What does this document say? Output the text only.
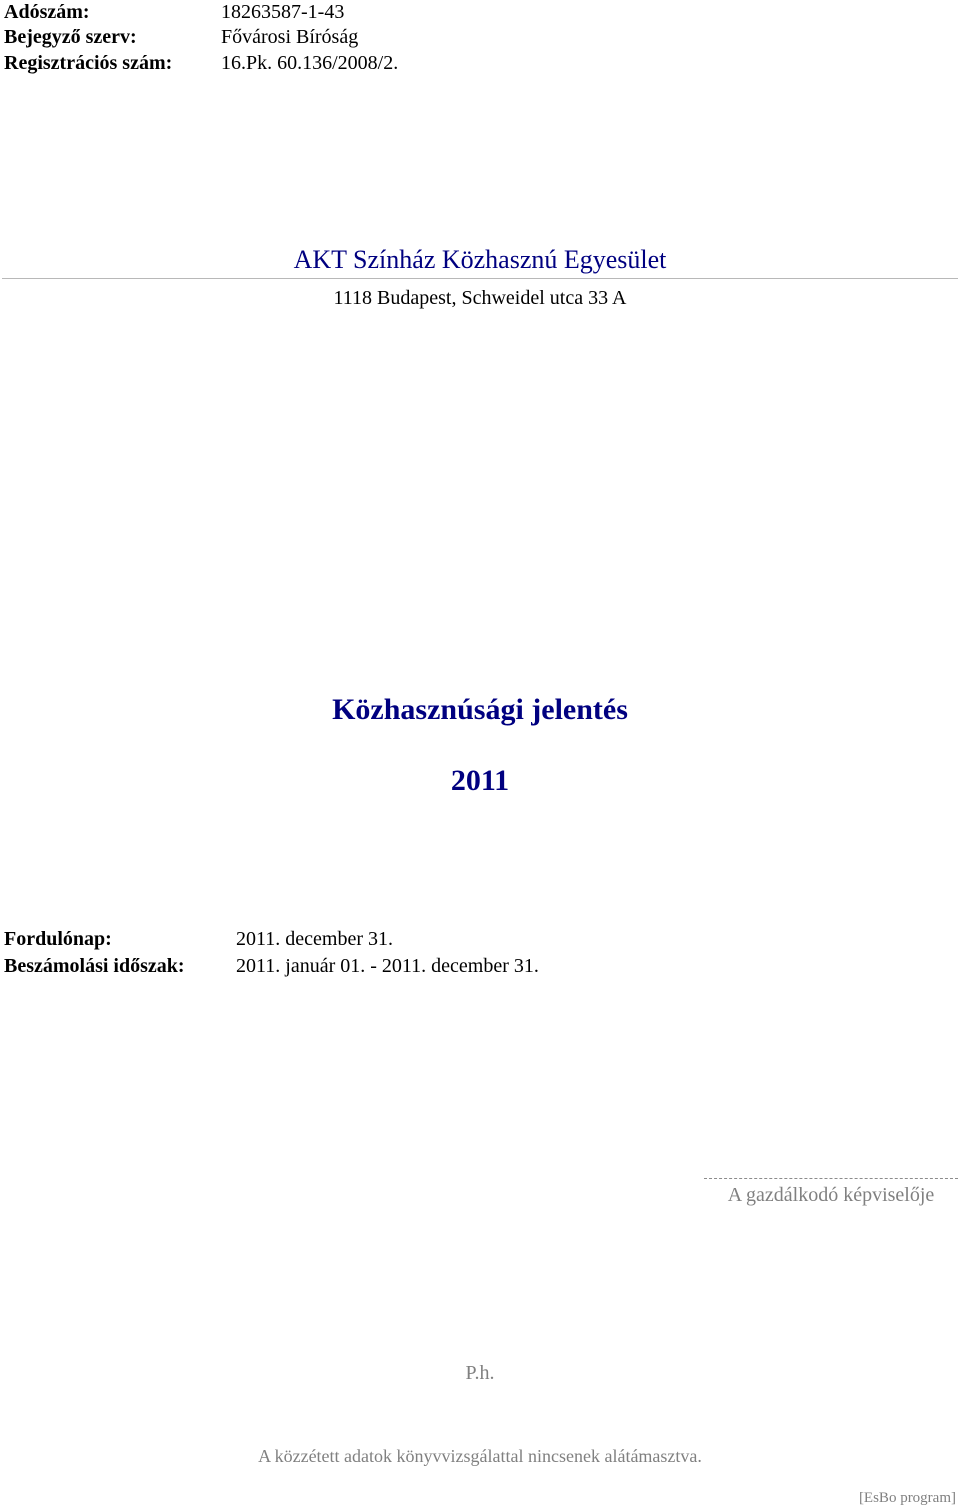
Adószám:	18263587-1-43
Bejegyző szerv:	Fővárosi Bíróság
Regisztrációs szám: 16.Pk. 60.136/2008/2.
AKT Színház Közhasznú Egyesület
1118 Budapest, Schweidel utca 33 A
Közhasznúsági jelentés
2011
Fordulónap:	2011. december 31.
Beszámolási időszak:	2011. január 01. - 2011. december 31.
A gazdálkodó képviselője
P.h.
A közzétett adatok könyvvizsgálattal nincsenek alátámasztva.
[EsBo program]
